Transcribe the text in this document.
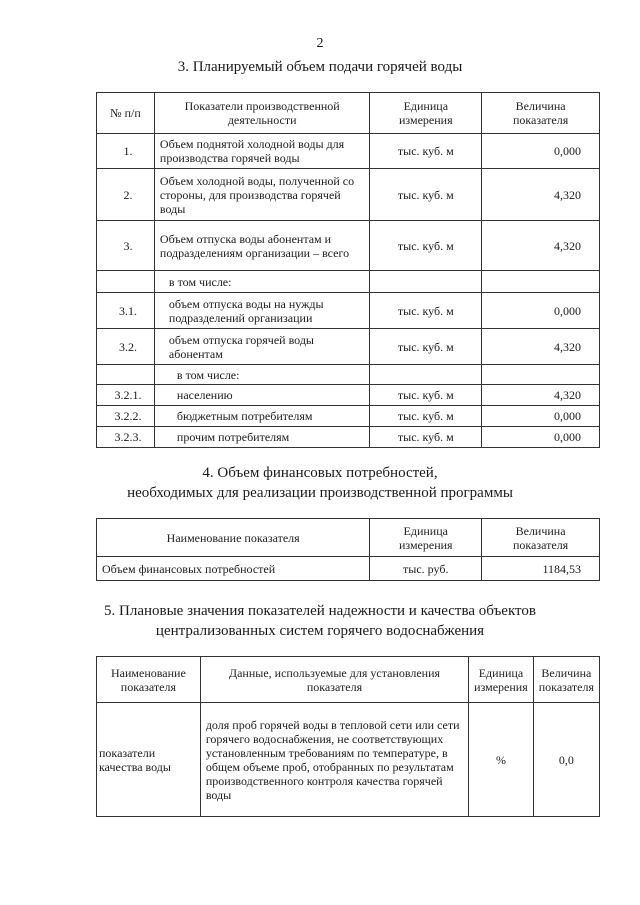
2
3. Планируемый объем подачи горячей воды
№ п/п	Показатели производственной деятельности	Единица измерения	Величина показателя
1.	Объем поднятой холодной воды для производства горячей воды	тыс. куб. м	0,000
2.	Объем холодной воды, полученной со стороны, для производства горячей воды	тыс. куб. м	4,320
3.	Объем отпуска воды абонентам и подразделениям организации – всего	тыс. куб. м	4,320
	в том числе:		
3.1.	объем отпуска воды на нужды подразделений организации	тыс. куб. м	0,000
3.2.	объем отпуска горячей воды абонентам	тыс. куб. м	4,320
	в том числе:		
3.2.1.	населению	тыс. куб. м	4,320
3.2.2.	бюджетным потребителям	тыс. куб. м	0,000
3.2.3.	прочим потребителям	тыс. куб. м	0,000
4. Объем финансовых потребностей,
необходимых для реализации производственной программы
Наименование показателя	Единица измерения	Величина показателя
Объем финансовых потребностей	тыс. руб.	1184,53
5. Плановые значения показателей надежности и качества объектов
централизованных систем горячего водоснабжения
Наименование показателя	Данные, используемые для установления показателя	Единица измерения	Величина показателя
показатели качества воды	доля проб горячей воды в тепловой сети или сети горячего водоснабжения, не соответствующих установленным требованиям по температуре, в общем объеме проб, отобранных по результатам производственного контроля качества горячей воды	%	0,0
